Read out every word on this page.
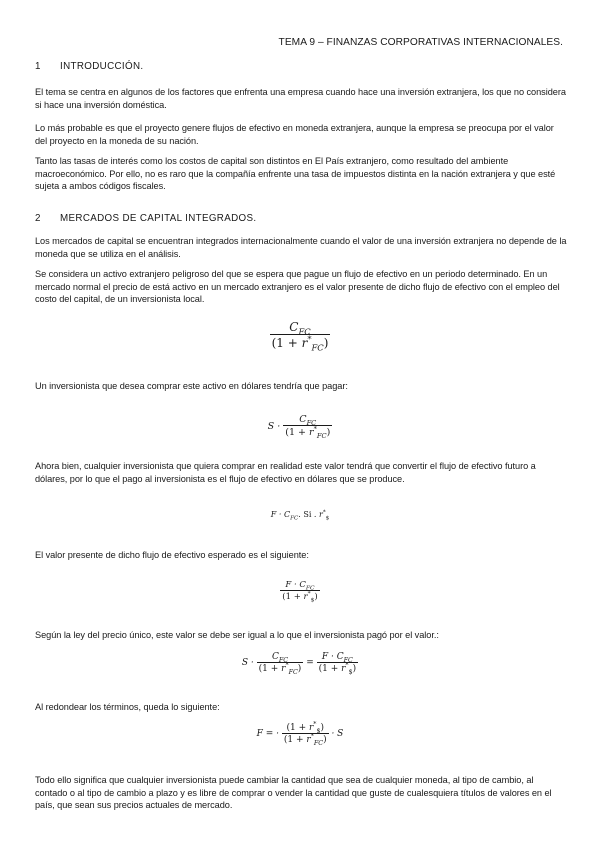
TEMA 9 – FINANZAS CORPORATIVAS INTERNACIONALES.
1 INTRODUCCIÓN.
El tema se centra en algunos de los factores que enfrenta una empresa cuando hace una inversión extranjera, los que no considera si hace una inversión doméstica.
Lo más probable es que el proyecto genere flujos de efectivo en moneda extranjera, aunque la empresa se preocupa por el valor del proyecto en la moneda de su nación.
Tanto las tasas de interés como los costos de capital son distintos en El País extranjero, como resultado del ambiente macroeconómico. Por ello, no es raro que la compañía enfrente una tasa de impuestos distinta en la nación extranjera y que esté sujeta a ambos códigos fiscales.
2 MERCADOS DE CAPITAL INTEGRADOS.
Los mercados de capital se encuentran integrados internacionalmente cuando el valor de una inversión extranjera no depende de la moneda que se utiliza en el análisis.
Se considera un activo extranjero peligroso del que se espera que pague un flujo de efectivo en un periodo determinado. En un mercado normal el precio de está activo en un mercado extranjero es el valor presente de dicho flujo de efectivo con el empleo del costo del capital, de un inversionista local.
$\frac{C_{FC}}{(1 + r^*_{FC})}$
Un inversionista que desea comprar este activo en dólares tendría que pagar:
$S \cdot \frac{C_{FC}}{(1 + r^*_{FC})}$
Ahora bien, cualquier inversionista que quiera comprar en realidad este valor tendrá que convertir el flujo de efectivo futuro a dólares, por lo que el pago al inversionista es el flujo de efectivo en dólares que se produce.
$F \cdot C_{FC}$. Si . $r^*_{\$}$
El valor presente de dicho flujo de efectivo esperado es el siguiente:
$\frac{F \cdot C_{FC}}{(1 + r^*_{\$})}$
Según la ley del precio único, este valor se debe ser igual a lo que el inversionista pagó por el valor.:
$S \cdot \frac{C_{FC}}{(1 + r^*_{FC})} = \frac{F \cdot C_{FC}}{(1 + r^*_{\$})}$
Al redondear los términos, queda lo siguiente:
F = · $\frac{(1 + r^*_{\$})}{(1 + r^*_{FC})} \cdot S$
Todo ello significa que cualquier inversionista puede cambiar la cantidad que sea de cualquier moneda, al tipo de cambio, al contado o al tipo de cambio a plazo y es libre de comprar o vender la cantidad que guste de cualesquiera títulos de valores en el país, que sean sus precios actuales de mercado.
